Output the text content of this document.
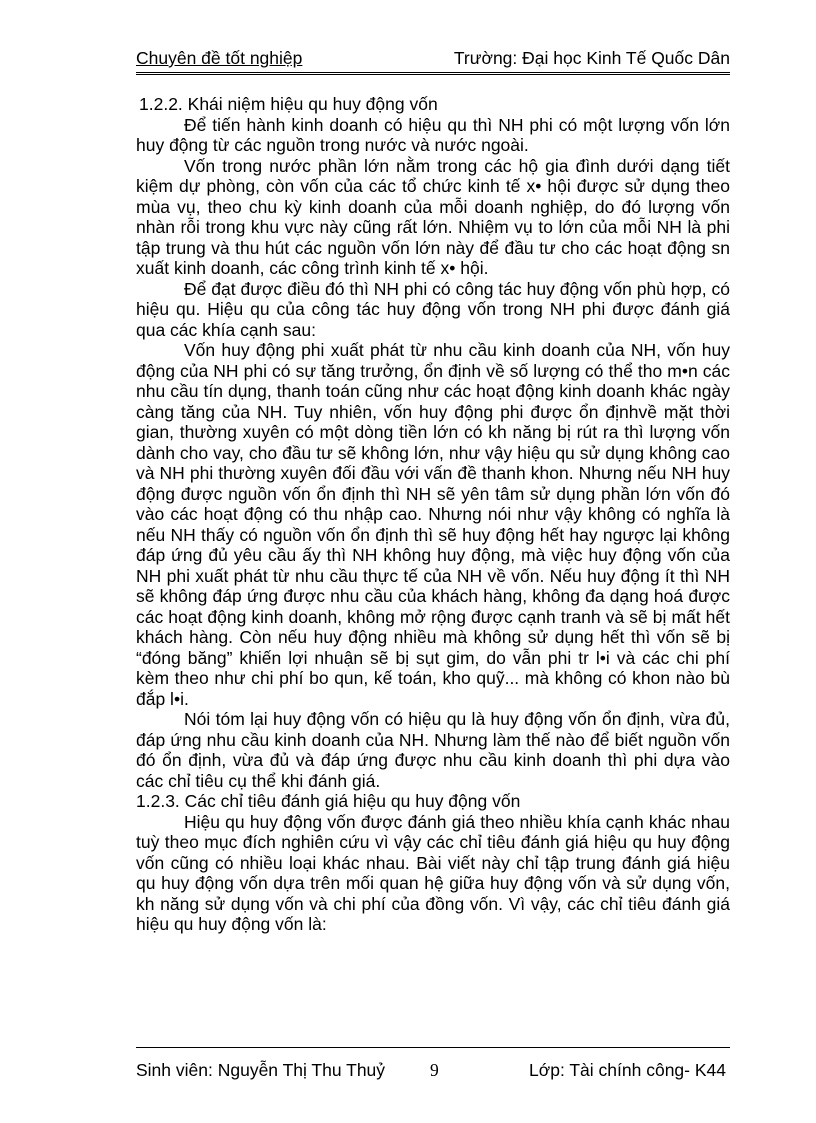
Chuyên đề tốt nghiệp	Trường: Đại học Kinh Tế Quốc Dân
1.2.2. Khái niệm hiệu qu huy động vốn

Để tiến hành kinh doanh có hiệu qu thì NH phi có một lượng vốn lớn huy động từ các nguồn trong nước và nước ngoài.

Vốn trong nước phần lớn nằm trong các hộ gia đình dưới dạng tiết kiệm dự phòng, còn vốn của các tổ chức kinh tế x• hội được sử dụng theo mùa vụ, theo chu kỳ kinh doanh của mỗi doanh nghiệp, do đó lượng vốn nhàn rỗi trong khu vực này cũng rất lớn. Nhiệm vụ to lớn của mỗi NH là phi tập trung và thu hút các nguồn vốn lớn này để đầu tư cho các hoạt động sn xuất kinh doanh, các công trình kinh tế x• hội.

Để đạt được điều đó thì NH phi có công tác huy động vốn phù hợp, có hiệu qu. Hiệu qu của công tác huy động vốn trong NH phi được đánh giá qua các khía cạnh sau:

Vốn huy động phi xuất phát từ nhu cầu kinh doanh của NH, vốn huy động của NH phi có sự tăng trưởng, ổn định về số lượng có thể tho m•n các nhu cầu tín dụng, thanh toán cũng như các hoạt động kinh doanh khác ngày càng tăng của NH. Tuy nhiên, vốn huy động phi được ổn địnhvề mặt thời gian, thường xuyên có một dòng tiền lớn có kh năng bị rút ra thì lượng vốn dành cho vay, cho đầu tư sẽ không lớn, như vậy hiệu qu sử dụng không cao và NH phi thường xuyên đối đầu với vấn đề thanh khon. Nhưng nếu NH huy động được nguồn vốn ổn định thì NH sẽ yên tâm sử dụng phần lớn vốn đó vào các hoạt động có thu nhập cao. Nhưng nói như vậy không có nghĩa là nếu NH thấy có nguồn vốn ổn định thì sẽ huy động hết hay ngược lại không đáp ứng đủ yêu cầu ấy thì NH không huy động, mà việc huy động vốn của NH phi xuất phát từ nhu cầu thực tế của NH về vốn. Nếu huy động ít thì NH sẽ không đáp ứng được nhu cầu của khách hàng, không đa dạng hoá được các hoạt động kinh doanh, không mở rộng được cạnh tranh và sẽ bị mất hết khách hàng. Còn nếu huy động nhiều mà không sử dụng hết thì vốn sẽ bị “đóng băng” khiến lợi nhuận sẽ bị sụt gim, do vẫn phi tr l•i và các chi phí kèm theo như chi phí bo qun, kế toán, kho quỹ... mà không có khon nào bù đắp l•i.

Nói tóm lại huy động vốn có hiệu qu là huy động vốn ổn định, vừa đủ, đáp ứng nhu cầu kinh doanh của NH. Nhưng làm thế nào để biết nguồn vốn đó ổn định, vừa đủ và đáp ứng được nhu cầu kinh doanh thì phi dựa vào các chỉ tiêu cụ thể khi đánh giá.

1.2.3. Các chỉ tiêu đánh giá hiệu qu huy động vốn

Hiệu qu huy động vốn được đánh giá theo nhiều khía cạnh khác nhau tuỳ theo mục đích nghiên cứu vì vậy các chỉ tiêu đánh giá hiệu qu huy động vốn cũng có nhiều loại khác nhau. Bài viết này chỉ tập trung đánh giá hiệu qu huy động vốn dựa trên mối quan hệ giữa huy động vốn và sử dụng vốn, kh năng sử dụng vốn và chi phí của đồng vốn. Vì vậy, các chỉ tiêu đánh giá hiệu qu huy động vốn là:

Sinh viên: Nguyễn Thị Thu Thuỷ	9	Lớp: Tài chính công- K44
